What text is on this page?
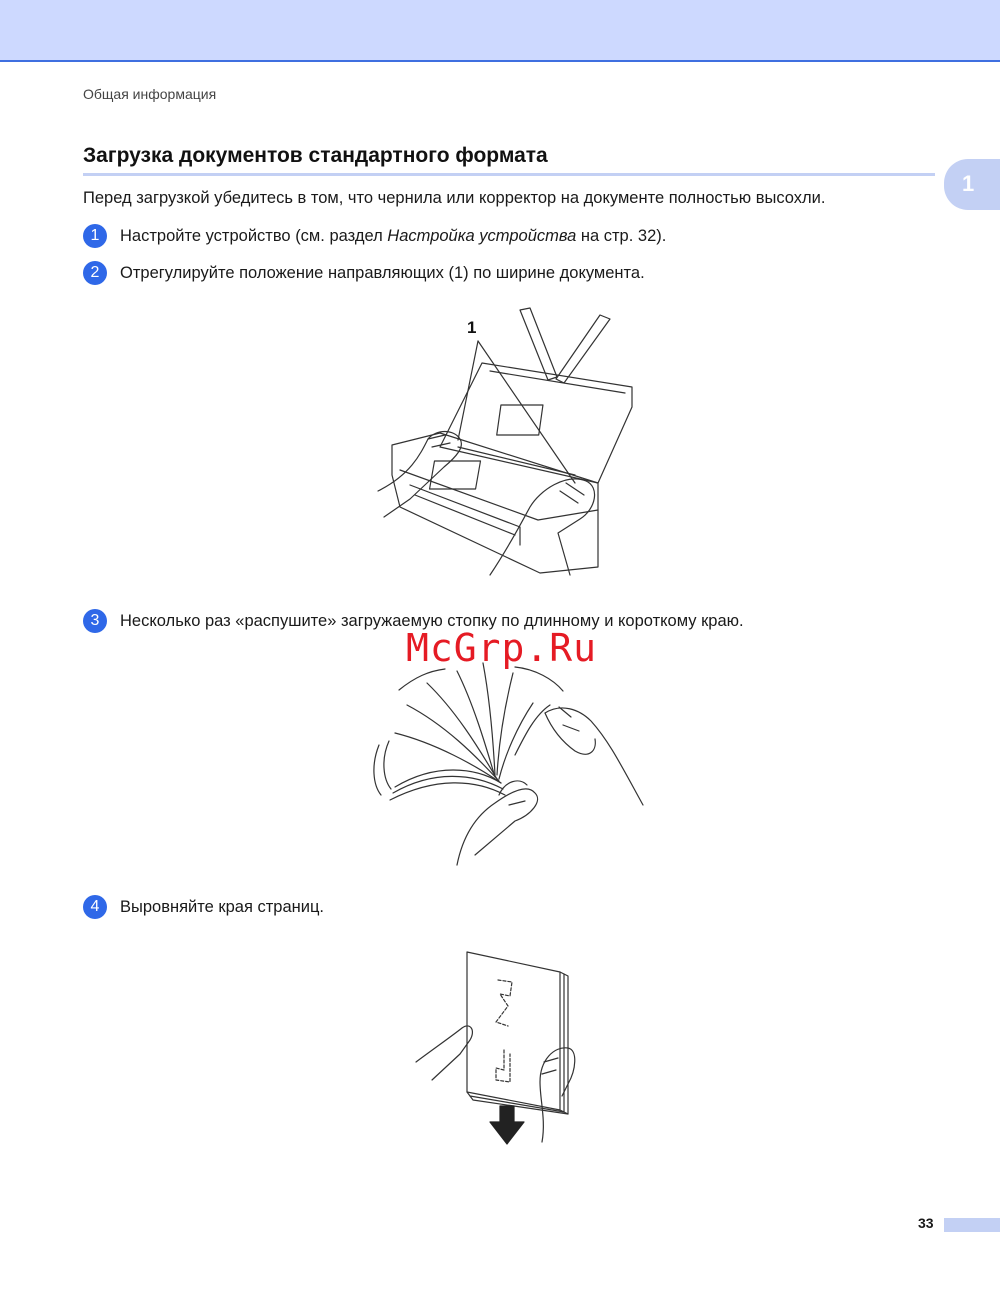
Общая информация
Загрузка документов стандартного формата
1
Перед загрузкой убедитесь в том, что чернила или корректор на документе полностью высохли.
1	Настройте устройство (см. раздел Настройка устройства на стр. 32).
2	Отрегулируйте положение направляющих (1) по ширине документа.
1
3	Несколько раз «распушите» загружаемую стопку по длинному и короткому краю.
McGrp.Ru
4	Выровняйте края страниц.
33
